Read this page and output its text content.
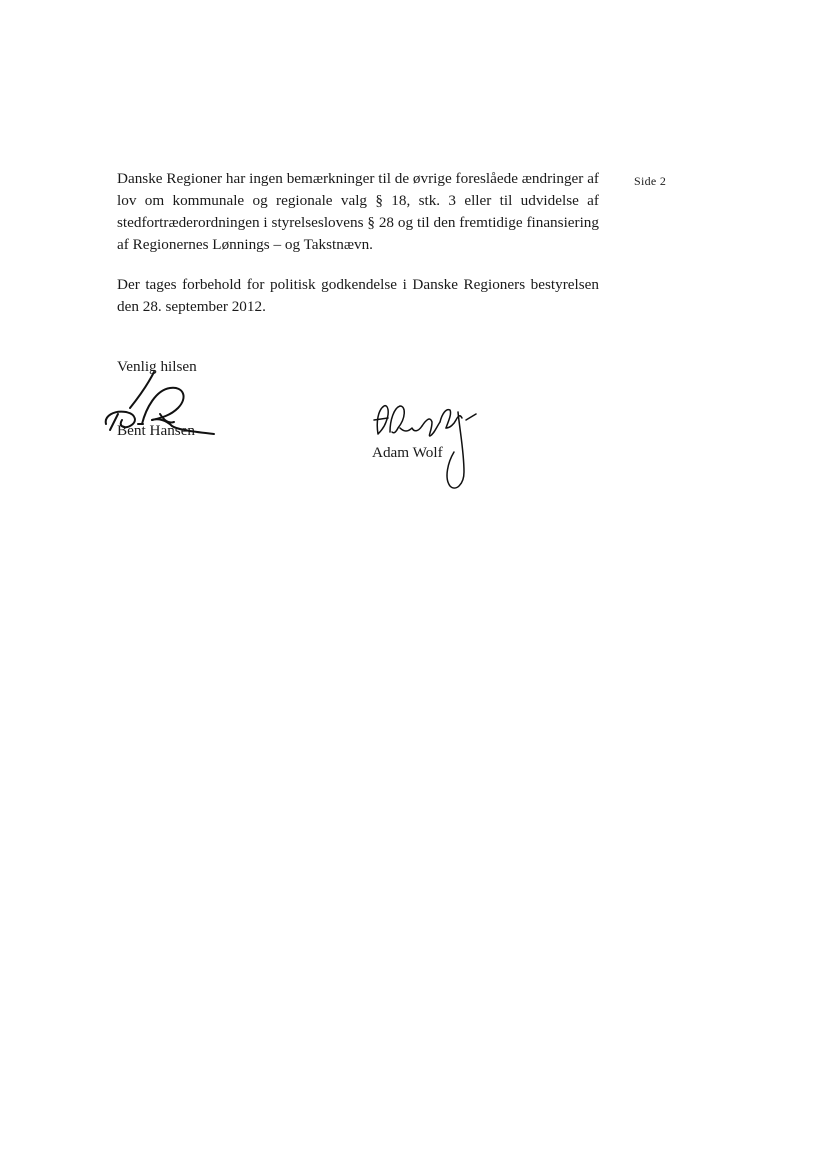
Side 2

Danske Regioner har ingen bemærkninger til de øvrige foreslåede ændringer af lov om kommunale og regionale valg § 18, stk. 3 eller til udvidelse af stedfortræderordningen i styrelseslovens § 28 og til den fremtidige finansiering af Regionernes Lønnings – og Takstnævn.

Der tages forbehold for politisk godkendelse i Danske Regioners bestyrelsen den 28. september 2012.

Venlig hilsen
Bent Hansen
Adam Wolf
